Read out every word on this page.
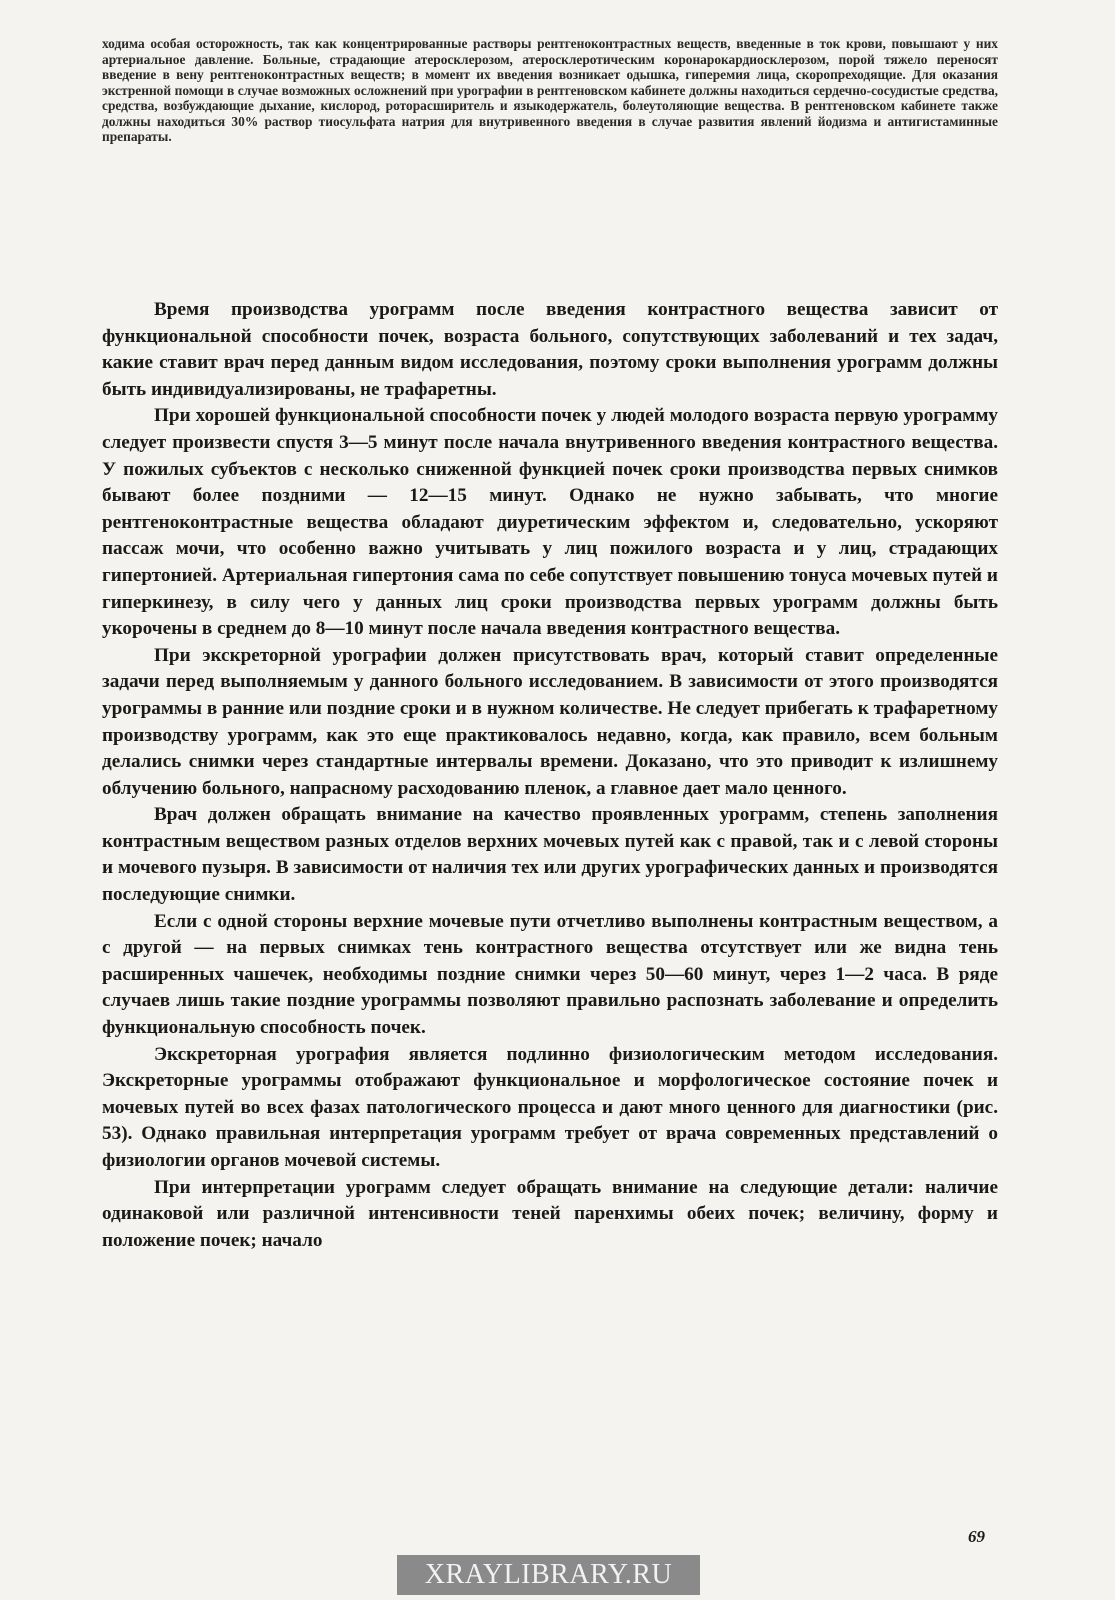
ходима особая осторожность, так как концентрированные растворы рентгеноконтрастных веществ, введенные в ток крови, повышают у них артериальное давление. Больные, страдающие атеросклерозом, атеросклеротическим коронарокардиосклерозом, порой тяжело переносят введение в вену рентгеноконтрастных веществ; в момент их введения возникает одышка, гиперемия лица, скоропреходящие. Для оказания экстренной помощи в случае возможных осложнений при урографии в рентгеновском кабинете должны находиться сердечно-сосудистые средства, средства, возбуждающие дыхание, кислород, роторасширитель и языкодержатель, болеутоляющие вещества. В рентгеновском кабинете также должны находиться 30% раствор тиосульфата натрия для внутривенного введения в случае развития явлений йодизма и антигистаминные препараты.

Время производства урограмм после введения контрастного вещества зависит от функциональной способности почек, возраста больного, сопутствующих заболеваний и тех задач, какие ставит врач перед данным видом исследования, поэтому сроки выполнения урограмм должны быть индивидуализированы, не трафаретны.

При хорошей функциональной способности почек у людей молодого возраста первую урограмму следует произвести спустя 3—5 минут после начала внутривенного введения контрастного вещества. У пожилых субъектов с несколько сниженной функцией почек сроки производства первых снимков бывают более поздними — 12—15 минут. Однако не нужно забывать, что многие рентгеноконтрастные вещества обладают диуретическим эффектом и, следовательно, ускоряют пассаж мочи, что особенно важно учитывать у лиц пожилого возраста и у лиц, страдающих гипертонией. Артериальная гипертония сама по себе сопутствует повышению тонуса мочевых путей и гиперкинезу, в силу чего у данных лиц сроки производства первых урограмм должны быть укорочены в среднем до 8—10 минут после начала введения контрастного вещества.

При экскреторной урографии должен присутствовать врач, который ставит определенные задачи перед выполняемым у данного больного исследованием. В зависимости от этого производятся урограммы в ранние или поздние сроки и в нужном количестве. Не следует прибегать к трафаретному производству урограмм, как это еще практиковалось недавно, когда, как правило, всем больным делались снимки через стандартные интервалы времени. Доказано, что это приводит к излишнему облучению больного, напрасному расходованию пленок, а главное дает мало ценного.

Врач должен обращать внимание на качество проявленных урограмм, степень заполнения контрастным веществом разных отделов верхних мочевых путей как с правой, так и с левой стороны и мочевого пузыря. В зависимости от наличия тех или других урографических данных и производятся последующие снимки.

Если с одной стороны верхние мочевые пути отчетливо выполнены контрастным веществом, а с другой — на первых снимках тень контрастного вещества отсутствует или же видна тень расширенных чашечек, необходимы поздние снимки через 50—60 минут, через 1—2 часа. В ряде случаев лишь такие поздние урограммы позволяют правильно распознать заболевание и определить функциональную способность почек.

Экскреторная урография является подлинно физиологическим методом исследования. Экскреторные урограммы отображают функциональное и морфологическое состояние почек и мочевых путей во всех фазах патологического процесса и дают много ценного для диагностики (рис. 53). Однако правильная интерпретация урограмм требует от врача современных представлений о физиологии органов мочевой системы.

При интерпретации урограмм следует обращать внимание на следующие детали: наличие одинаковой или различной интенсивности теней паренхимы обеих почек; величину, форму и положение почек; начало

69
XRAYLIBRARY.RU
